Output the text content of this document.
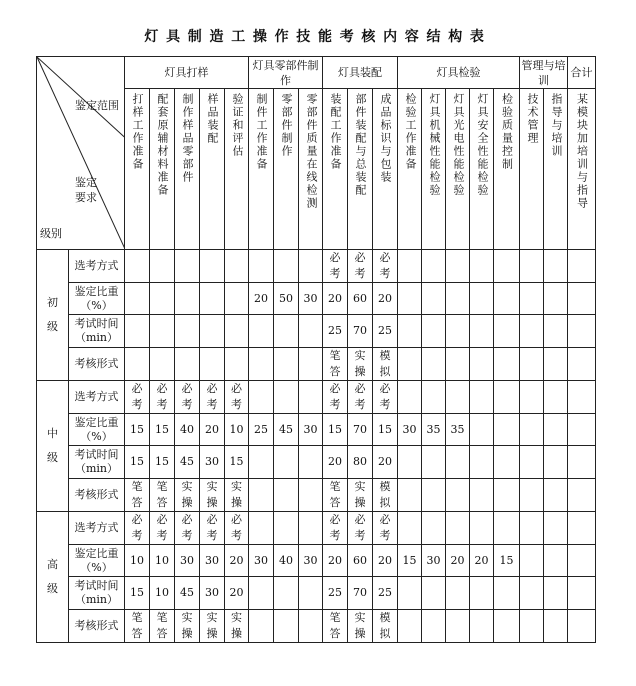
灯具制造工操作技能考核内容结构表
鉴定范围
鉴定
要求
级别		灯具打样					灯具零部件制作			灯具装配			灯具检验					管理与培训		合计	
		打样工作准备	配套原辅材料准备	制作样品零部件	样品装配	验证和评估	制件工作准备	零部件制作	零部件质量在线检测	装配工作准备	部件装配与总装配	成品标识与包装	检验工作准备	灯具机械性能检验	灯具光电性能检验	灯具安全性能检验	检验质量控制	技术管理	指导与培训	某模块加培训与指导	

初
级	选考方式									必考	必考	必考

	鉴定比重（%）						20	50	30	20	60	20

	考试时间（min）									25	70	25

	考核形式									笔答	实操	模拟

中
级	选考方式	必考	必考	必考	必考	必考				必考	必考	必考

	鉴定比重（%）	15	15	40	20	10	25	45	30	15	70	15	30	35	35

	考试时间（min）	15	15	45	30	15				20	80	20

	考核形式	笔答	笔答	实操	实操	实操				笔答	实操	模拟

高
级	选考方式	必考	必考	必考	必考	必考				必考	必考	必考

	鉴定比重（%）	10	10	30	30	20	30	40	30	20	60	20	15	30	20	20	15

	考试时间（min）	15	10	45	30	20				25	70	25

	考核形式	笔答	笔答	实操	实操	实操				笔答	实操	模拟
